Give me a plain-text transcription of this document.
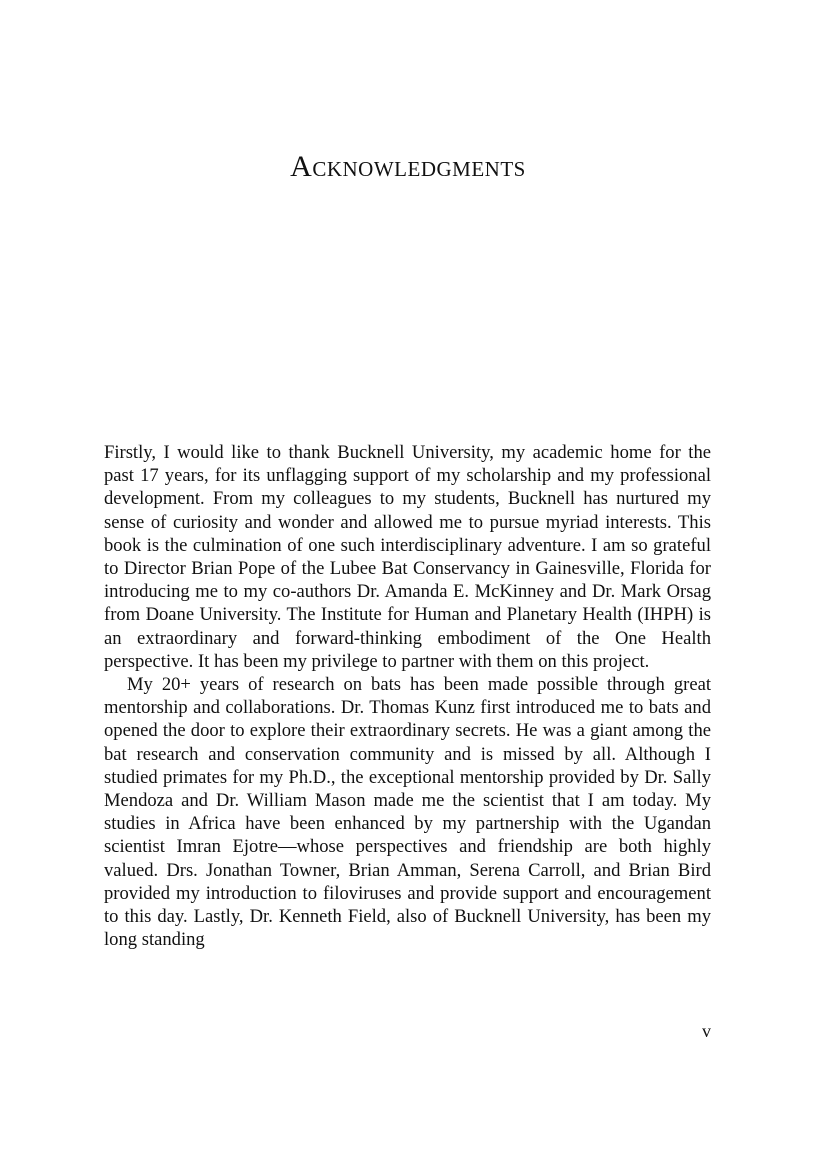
Acknowledgments

Firstly, I would like to thank Bucknell University, my academic home for the past 17 years, for its unflagging support of my scholarship and my professional development. From my colleagues to my students, Bucknell has nurtured my sense of curiosity and wonder and allowed me to pursue myriad interests. This book is the culmination of one such interdisciplinary adventure. I am so grateful to Director Brian Pope of the Lubee Bat Conservancy in Gainesville, Florida for introducing me to my co-authors Dr. Amanda E. McKinney and Dr. Mark Orsag from Doane University. The Institute for Human and Planetary Health (IHPH) is an extraordinary and forward-thinking embodiment of the One Health perspective. It has been my privilege to partner with them on this project.

My 20+ years of research on bats has been made possible through great mentorship and collaborations. Dr. Thomas Kunz first introduced me to bats and opened the door to explore their extraordinary secrets. He was a giant among the bat research and conservation community and is missed by all. Although I studied primates for my Ph.D., the exceptional mentorship provided by Dr. Sally Mendoza and Dr. William Mason made me the scientist that I am today. My studies in Africa have been enhanced by my partnership with the Ugandan scientist Imran Ejotre—whose perspectives and friendship are both highly valued. Drs. Jonathan Towner, Brian Amman, Serena Carroll, and Brian Bird provided my introduction to filoviruses and provide support and encouragement to this day. Lastly, Dr. Kenneth Field, also of Bucknell University, has been my long standing

v
